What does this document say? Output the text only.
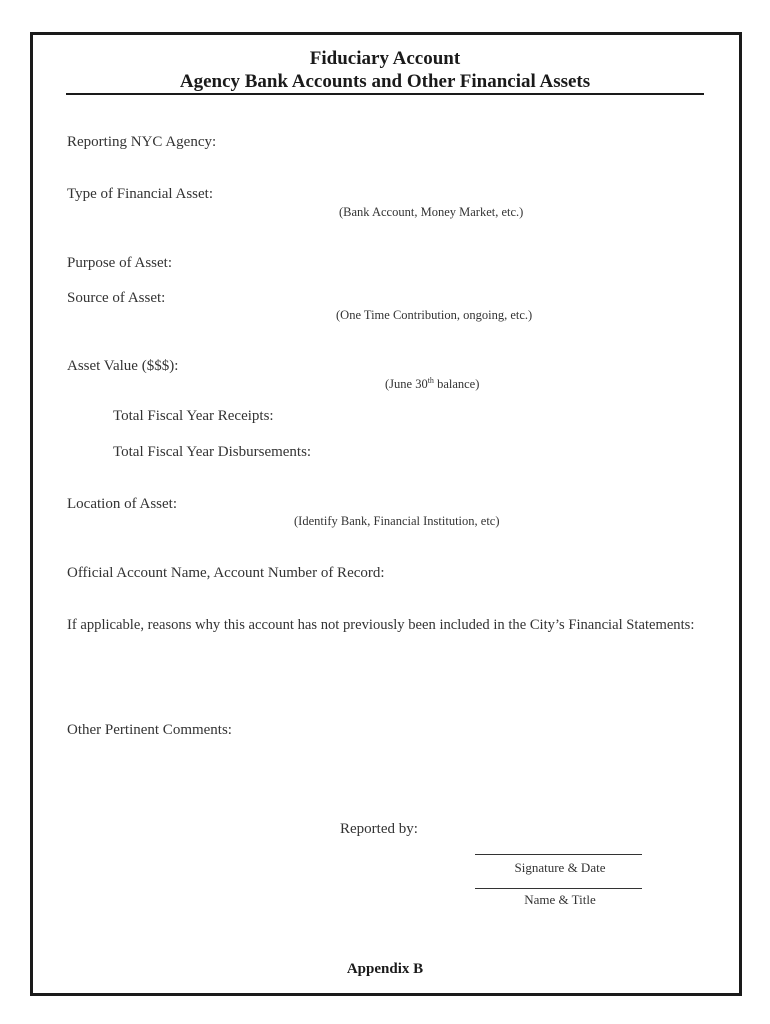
Fiduciary Account
Agency Bank Accounts and Other Financial Assets
Reporting NYC Agency:
Type of Financial Asset:
(Bank Account, Money Market, etc.)
Purpose of Asset:
Source of Asset:
(One Time Contribution, ongoing, etc.)
Asset Value ($$$):
(June 30th balance)
Total Fiscal Year Receipts:
Total Fiscal Year Disbursements:
Location of Asset:
(Identify Bank, Financial Institution, etc)
Official Account Name, Account Number of Record:
If applicable, reasons why this account has not previously been included in the City’s Financial Statements:
Other Pertinent Comments:
Reported by:
Signature & Date
Name & Title
Appendix B
